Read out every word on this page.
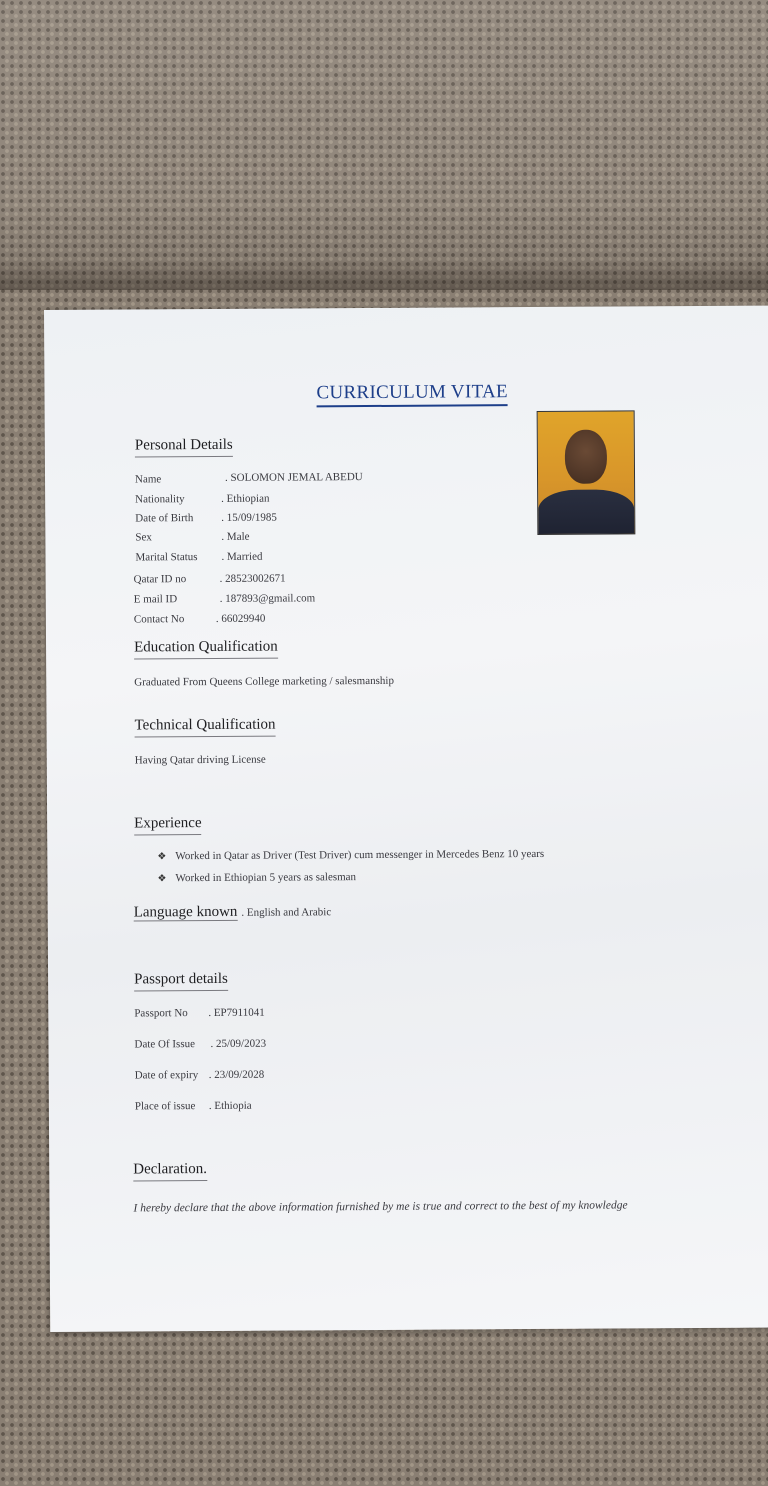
CURRICULUM VITAE
Personal Details
Name	. SOLOMON JEMAL ABEDU
Nationality	. Ethiopian
Date of Birth	. 15/09/1985
Sex	. Male
Marital Status . Married
Qatar ID no	. 28523002671
E mail ID	. 187893@gmail.com
Contact No	. 66029940
Education Qualification
Graduated From Queens College marketing / salesmanship
Technical Qualification
Having Qatar driving License
Experience
❖ Worked in Qatar as Driver (Test Driver) cum messenger in Mercedes Benz 10 years
❖ Worked in Ethiopian 5 years as salesman
Language known . English and Arabic
Passport details
Passport No . EP7911041
Date Of Issue . 25/09/2023
Date of expiry . 23/09/2028
Place of issue . Ethiopia
Declaration.

I hereby declare that the above information furnished by me is true and correct to the best of my knowledge
